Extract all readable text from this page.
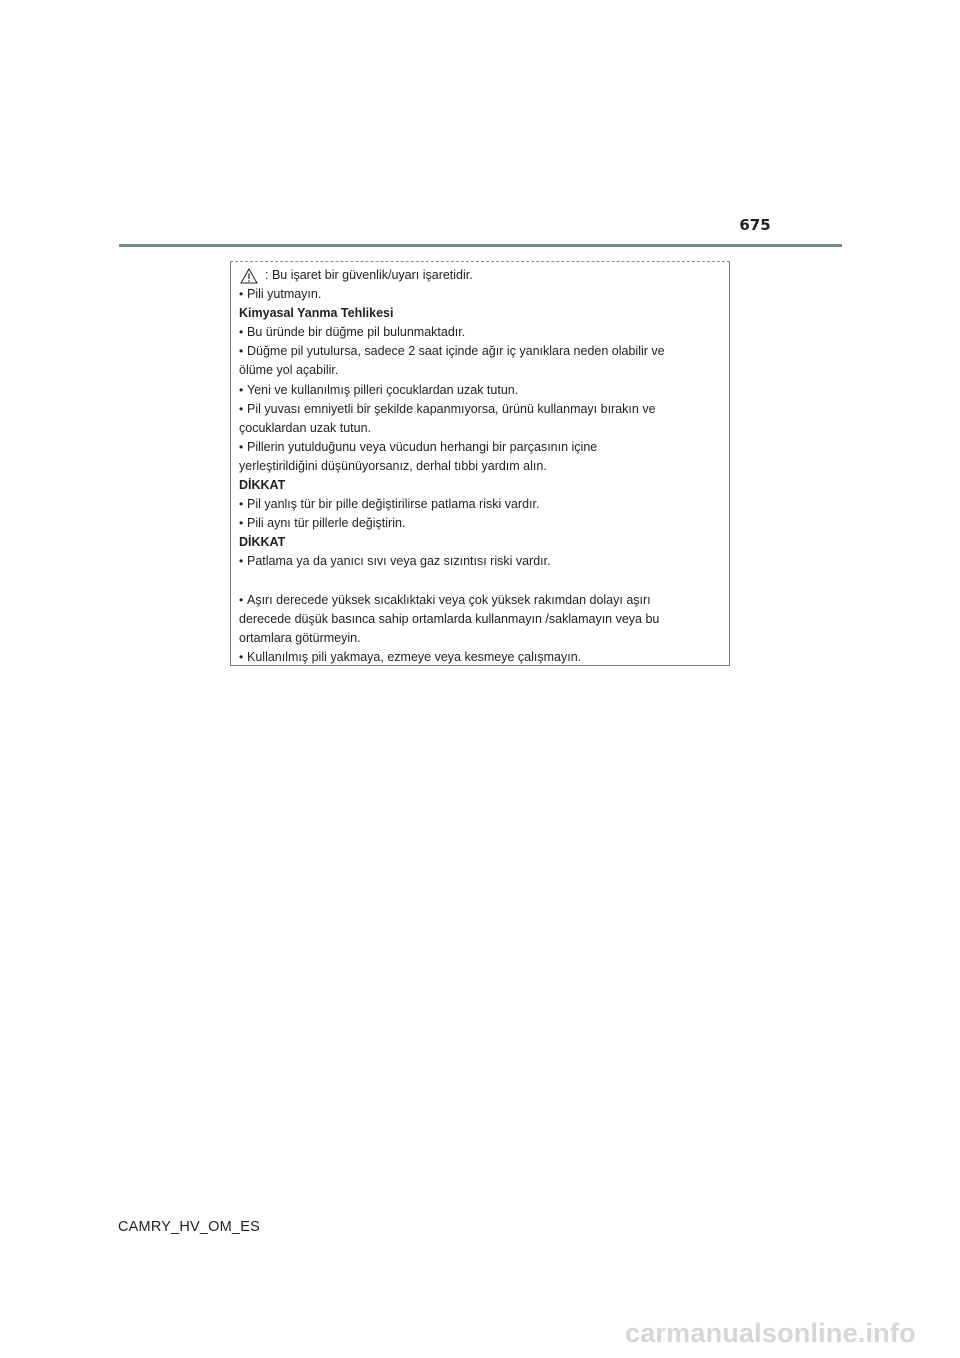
675
: Bu işaret bir güvenlik/uyarı işaretidir.
• Pili yutmayın.
Kimyasal Yanma Tehlikesi
• Bu üründe bir düğme pil bulunmaktadır.
• Düğme pil yutulursa, sadece 2 saat içinde ağır iç yanıklara neden olabilir ve
ölüme yol açabilir.
• Yeni ve kullanılmış pilleri çocuklardan uzak tutun.
• Pil yuvası emniyetli bir şekilde kapanmıyorsa, ürünü kullanmayı bırakın ve
çocuklardan uzak tutun.
• Pillerin yutulduğunu veya vücudun herhangi bir parçasının içine
yerleştirildiğini düşünüyorsanız, derhal tıbbi yardım alın.
DİKKAT
• Pil yanlış tür bir pille değiştirilirse patlama riski vardır.
• Pili aynı tür pillerle değiştirin.
DİKKAT
• Patlama ya da yanıcı sıvı veya gaz sızıntısı riski vardır.
• Aşırı derecede yüksek sıcaklıktaki veya çok yüksek rakımdan dolayı aşırı
derecede düşük basınca sahip ortamlarda kullanmayın /saklamayın veya bu
ortamlara götürmeyin.
• Kullanılmış pili yakmaya, ezmeye veya kesmeye çalışmayın.
CAMRY_HV_OM_ES
carmanualsonline.info
